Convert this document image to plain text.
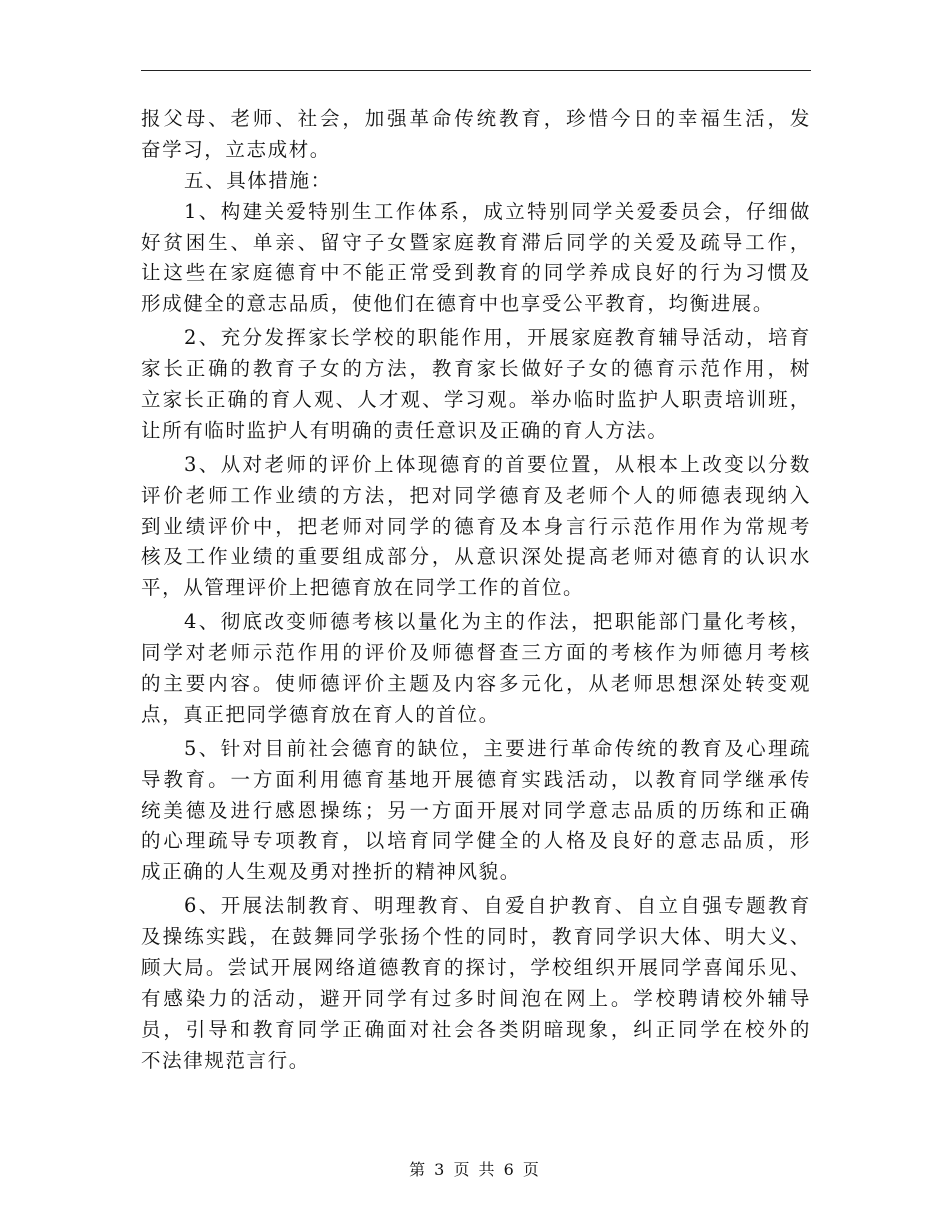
报父母、老师、社会，加强革命传统教育，珍惜今日的幸福生活，发
奋学习，立志成材。
五、具体措施：
1、构建关爱特别生工作体系，成立特别同学关爱委员会，仔细做
好贫困生、单亲、留守子女暨家庭教育滞后同学的关爱及疏导工作，
让这些在家庭德育中不能正常受到教育的同学养成良好的行为习惯及
形成健全的意志品质，使他们在德育中也享受公平教育，均衡进展。
2、充分发挥家长学校的职能作用，开展家庭教育辅导活动，培育
家长正确的教育子女的方法，教育家长做好子女的德育示范作用，树
立家长正确的育人观、人才观、学习观。举办临时监护人职责培训班，
让所有临时监护人有明确的责任意识及正确的育人方法。
3、从对老师的评价上体现德育的首要位置，从根本上改变以分数
评价老师工作业绩的方法，把对同学德育及老师个人的师德表现纳入
到业绩评价中，把老师对同学的德育及本身言行示范作用作为常规考
核及工作业绩的重要组成部分，从意识深处提高老师对德育的认识水
平，从管理评价上把德育放在同学工作的首位。
4、彻底改变师德考核以量化为主的作法，把职能部门量化考核，
同学对老师示范作用的评价及师德督查三方面的考核作为师德月考核
的主要内容。使师德评价主题及内容多元化，从老师思想深处转变观
点，真正把同学德育放在育人的首位。
5、针对目前社会德育的缺位，主要进行革命传统的教育及心理疏
导教育。一方面利用德育基地开展德育实践活动，以教育同学继承传
统美德及进行感恩操练；另一方面开展对同学意志品质的历练和正确
的心理疏导专项教育，以培育同学健全的人格及良好的意志品质，形
成正确的人生观及勇对挫折的精神风貌。
6、开展法制教育、明理教育、自爱自护教育、自立自强专题教育
及操练实践，在鼓舞同学张扬个性的同时，教育同学识大体、明大义、
顾大局。尝试开展网络道德教育的探讨，学校组织开展同学喜闻乐见、
有感染力的活动，避开同学有过多时间泡在网上。学校聘请校外辅导
员，引导和教育同学正确面对社会各类阴暗现象，纠正同学在校外的
不法律规范言行。
第 3 页 共 6 页
